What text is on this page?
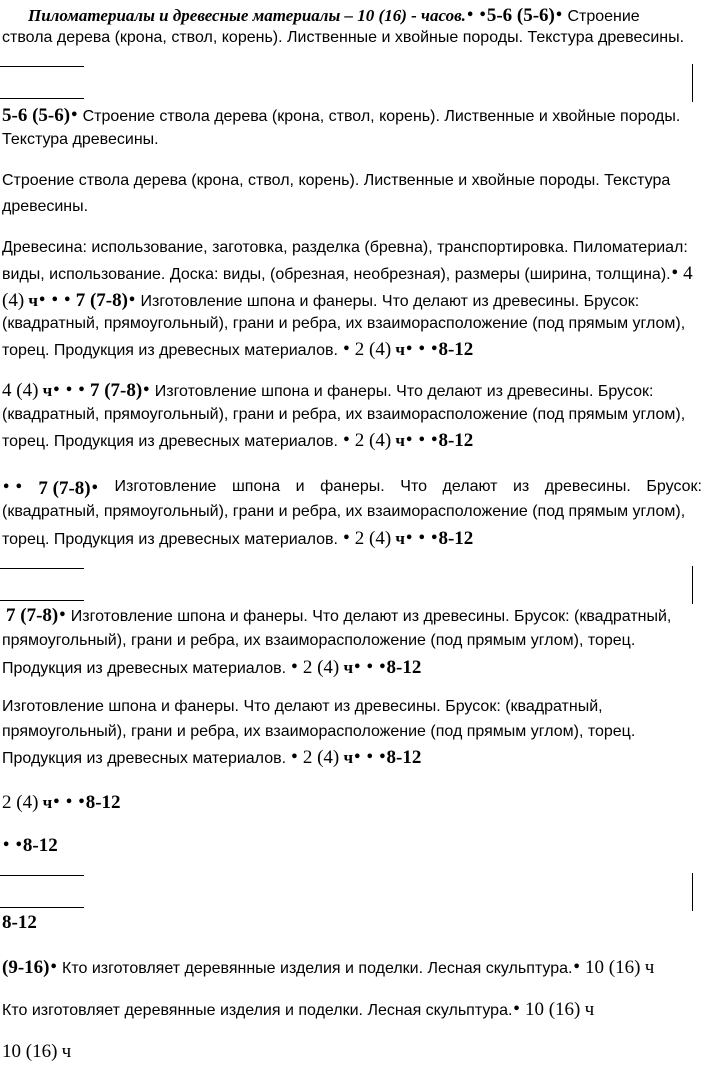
Пиломатериалы и древесные материалы – 10 (16) - часов.• •5-6 (5-6)• Строение
ствола дерева (крона, ствол, корень). Лиственные и хвойные породы. Текстура древесины.
5-6 (5-6)• Строение ствола дерева (крона, ствол, корень). Лиственные и хвойные породы.
Текстура древесины.
Строение ствола дерева (крона, ствол, корень). Лиственные и хвойные породы. Текстура
древесины.
Древесина: использование, заготовка, разделка (бревна), транспортировка. Пиломатериал:
виды, использование. Доска: виды, (обрезная, необрезная), размеры (ширина, толщина).• 4
(4) ч• • • 7 (7-8)• Изготовление шпона и фанеры. Что делают из древесины. Брусок:
(квадратный, прямоугольный), грани и ребра, их взаиморасположение (под прямым углом),
торец. Продукция из древесных материалов. • 2 (4) ч• • •8-12
4 (4) ч• • • 7 (7-8)• Изготовление шпона и фанеры. Что делают из древесины. Брусок:
(квадратный, прямоугольный), грани и ребра, их взаиморасположение (под прямым углом),
торец. Продукция из древесных материалов. • 2 (4) ч• • •8-12
• • 7 (7-8)• Изготовление шпона и фанеры. Что делают из древесины. Брусок:
(квадратный, прямоугольный), грани и ребра, их взаиморасположение (под прямым углом),
торец. Продукция из древесных материалов. • 2 (4) ч• • •8-12
7 (7-8)• Изготовление шпона и фанеры. Что делают из древесины. Брусок: (квадратный,
прямоугольный), грани и ребра, их взаиморасположение (под прямым углом), торец.
Продукция из древесных материалов. • 2 (4) ч• • •8-12
Изготовление шпона и фанеры. Что делают из древесины. Брусок: (квадратный,
прямоугольный), грани и ребра, их взаиморасположение (под прямым углом), торец.
Продукция из древесных материалов. • 2 (4) ч• • •8-12
2 (4) ч• • •8-12
• •8-12
8-12
(9-16)• Кто изготовляет деревянные изделия и поделки. Лесная скульптура.• 10 (16) ч
Кто изготовляет деревянные изделия и поделки. Лесная скульптура.• 10 (16) ч
10 (16) ч
